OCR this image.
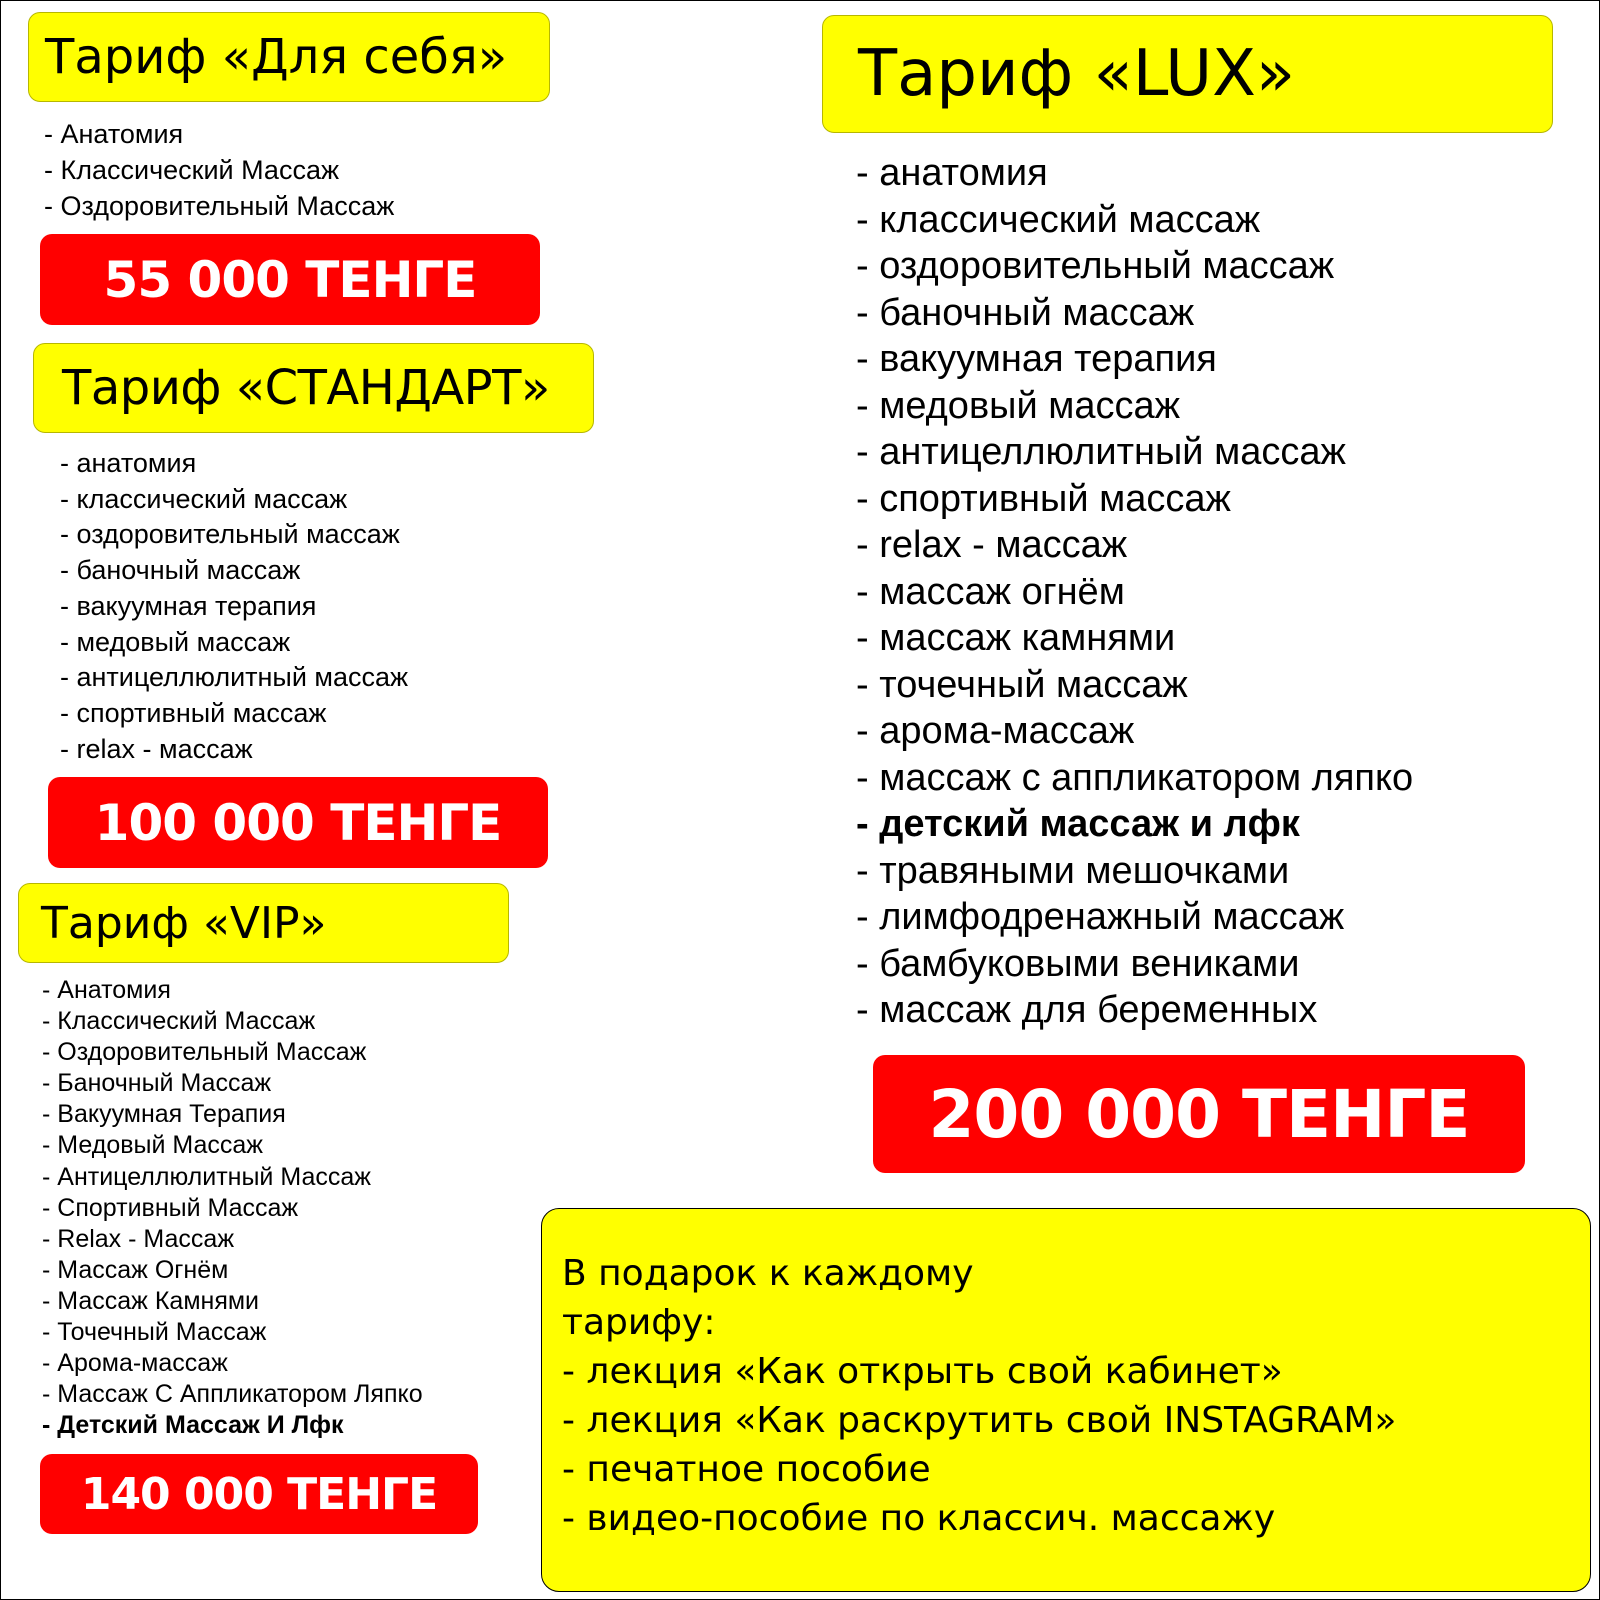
Тариф «Для себя»
- Анатомия
- Классический Массаж
- Оздоровительный Массаж
55 000 ТЕНГЕ
Тариф «СТАНДАРТ»
- анатомия
- классический массаж
- оздоровительный массаж
- баночный массаж
- вакуумная терапия
- медовый массаж
- антицеллюлитный массаж
- спортивный массаж
- relax - массаж
100 000 ТЕНГЕ
Тариф «VIP»
- Анатомия
- Классический Массаж
- Оздоровительный Массаж
- Баночный Массаж
- Вакуумная Терапия
- Медовый Массаж
- Антицеллюлитный Массаж
- Спортивный Массаж
- Relax - Массаж
- Массаж Огнём
- Массаж Камнями
- Точечный Массаж
- Арома-массаж
- Массаж С Аппликатором Ляпко
- Детский Массаж И Лфк
140 000 ТЕНГЕ
Тариф «LUX»
- анатомия
- классический массаж
- оздоровительный массаж
- баночный массаж
- вакуумная терапия
- медовый массаж
- антицеллюлитный массаж
- спортивный массаж
- relax - массаж
- массаж огнём
- массаж камнями
- точечный массаж
- арома-массаж
- массаж с аппликатором ляпко
- детский массаж и лфк
- травяными мешочками
- лимфодренажный массаж
- бамбуковыми вениками
- массаж для беременных
200 000 ТЕНГЕ
В подарок к каждому
тарифу:
- лекция «Как открыть свой кабинет»
- лекция «Как раскрутить свой INSTAGRAM»
- печатное пособие
- видео-пособие по классич. массажу
